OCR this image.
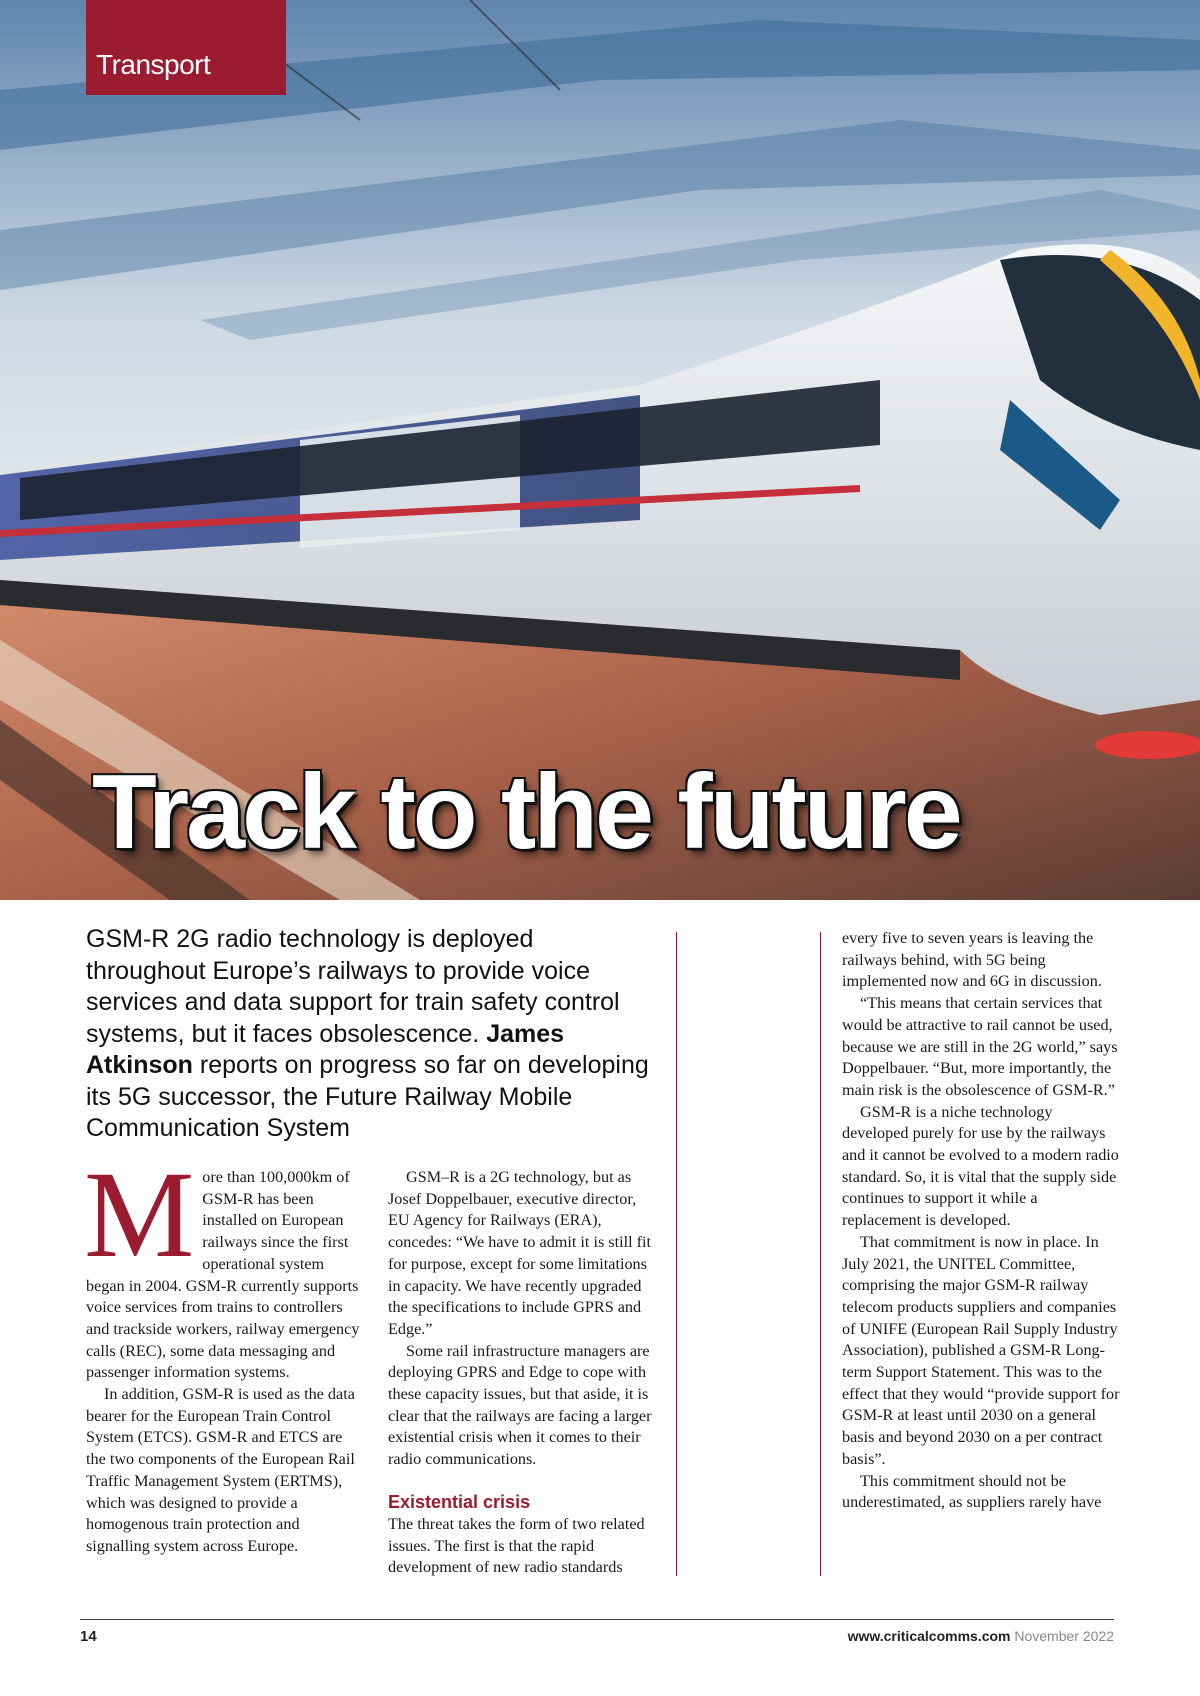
Transport
Track to the future
GSM-R 2G radio technology is deployed throughout Europe’s railways to provide voice services and data support for train safety control systems, but it faces obsolescence. James Atkinson reports on progress so far on developing its 5G successor, the Future Railway Mobile Communication System

More than 100,000km of GSM-R has been installed on European railways since the first operational system began in 2004. GSM-R currently supports voice services from trains to controllers and trackside workers, railway emergency calls (REC), some data messaging and passenger information systems.

In addition, GSM-R is used as the data bearer for the European Train Control System (ETCS). GSM-R and ETCS are the two components of the European Rail Traffic Management System (ERTMS), which was designed to provide a homogenous train protection and signalling system across Europe.

GSM–R is a 2G technology, but as Josef Doppelbauer, executive director, EU Agency for Railways (ERA), concedes: “We have to admit it is still fit for purpose, except for some limitations in capacity. We have recently upgraded the specifications to include GPRS and Edge.”

Some rail infrastructure managers are deploying GPRS and Edge to cope with these capacity issues, but that aside, it is clear that the railways are facing a larger existential crisis when it comes to their radio communications.

Existential crisis

The threat takes the form of two related issues. The first is that the rapid development of new radio standards

every five to seven years is leaving the railways behind, with 5G being implemented now and 6G in discussion.

“This means that certain services that would be attractive to rail cannot be used, because we are still in the 2G world,” says Doppelbauer. “But, more importantly, the main risk is the obsolescence of GSM-R.”

GSM-R is a niche technology developed purely for use by the railways and it cannot be evolved to a modern radio standard. So, it is vital that the supply side continues to support it while a replacement is developed.

That commitment is now in place. In July 2021, the UNITEL Committee, comprising the major GSM-R railway telecom products suppliers and companies of UNIFE (European Rail Supply Industry Association), published a GSM-R Long-term Support Statement. This was to the effect that they would “provide support for GSM-R at least until 2030 on a general basis and beyond 2030 on a per contract basis”.

This commitment should not be underestimated, as suppliers rarely have

14	www.criticalcomms.com November 2022
